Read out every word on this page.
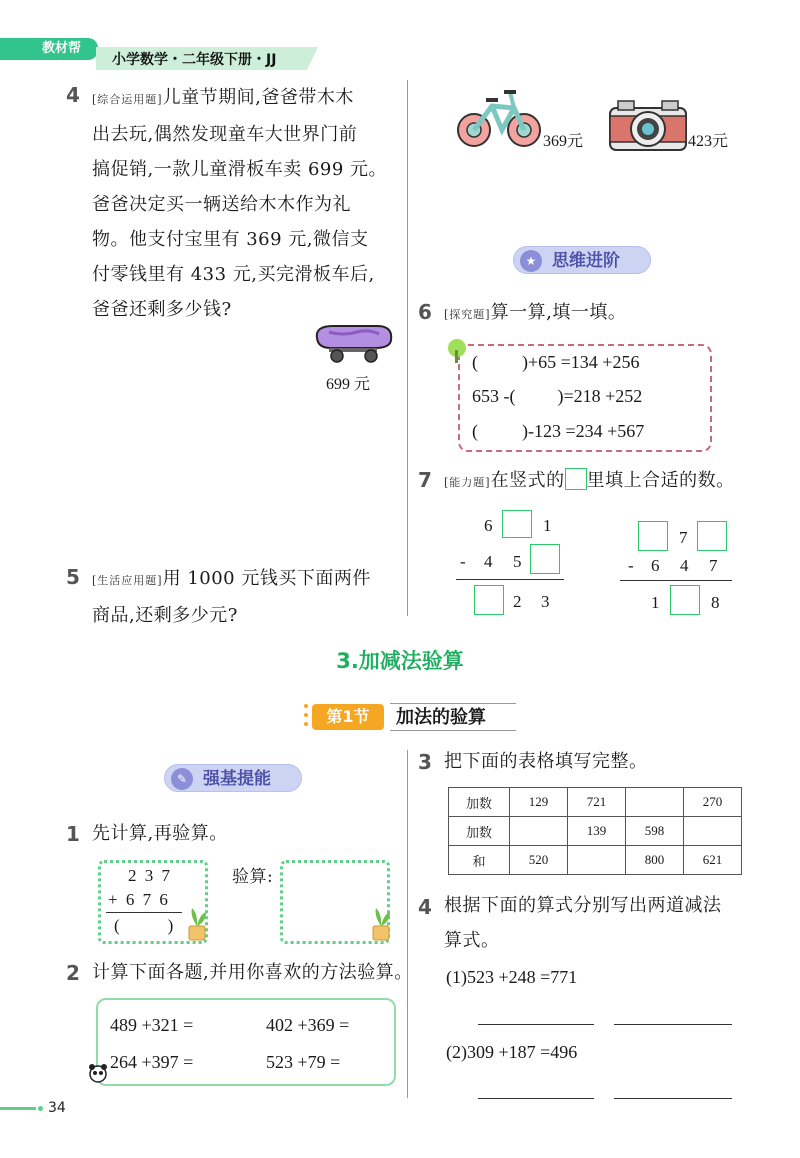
教材帮
小学数学・二年级下册・JJ
4 [综合运用题]儿童节期间,爸爸带木木
出去玩,偶然发现童车大世界门前
搞促销,一款儿童滑板车卖 699 元。
爸爸决定买一辆送给木木作为礼
物。他支付宝里有 369 元,微信支
付零钱里有 433 元,买完滑板车后,
爸爸还剩多少钱?
699 元
5 [生活应用题]用 1000 元钱买下面两件
商品,还剩多少元?
369元	423元
★ 思维进阶
6 [探究题]算一算,填一填。
( )+65 =134 +256
653 -( )=218 +252
( )-123 =234 +567
7 [能力题]在竖式的 里填上合适的数。
6	1
- 4 5
2 3
7
- 6 4 7
1	8
3.加减法验算
第1节	加法的验算
✎ 强基提能
1 先计算,再验算。
2 3 7
+ 6 7 6
(	)
验算:
2 计算下面各题,并用你喜欢的方法验算。
489 +321 =	402 +369 =
264 +397 =	523 +79 =
3 把下面的表格填写完整。
加数	129	721		270
加数		139	598	
和	520		800	621
4 根据下面的算式分别写出两道减法
算式。
(1)523 +248 =771
(2)309 +187 =496
34
